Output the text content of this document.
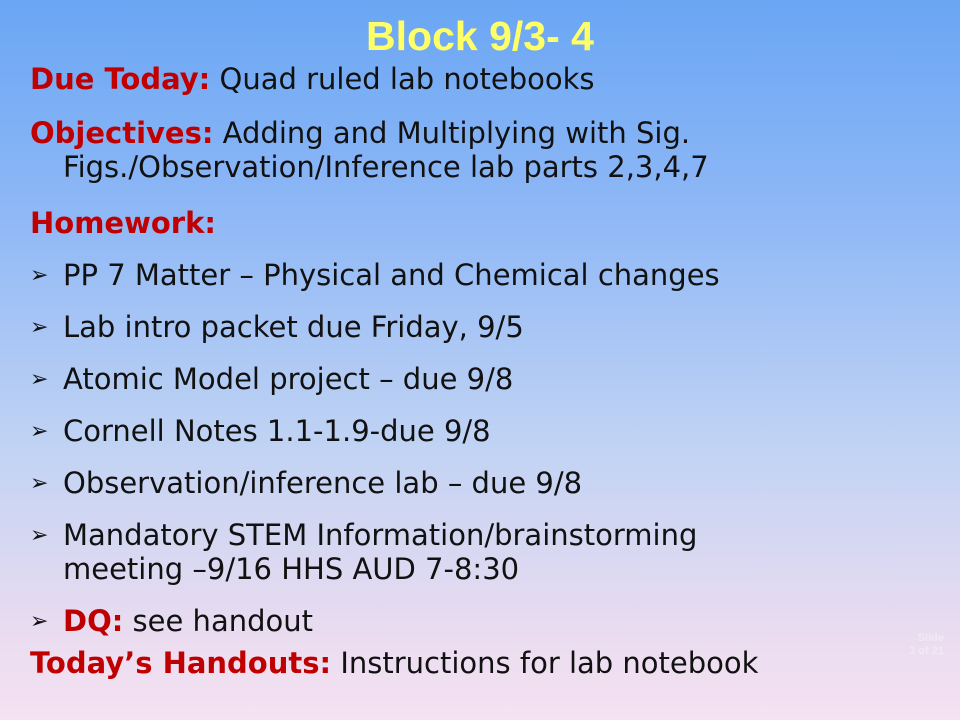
Block 9/3- 4
Due Today: Quad ruled lab notebooks
Objectives: Adding and Multiplying with Sig.
Figs./Observation/Inference lab parts 2,3,4,7
Homework:
➢ PP 7 Matter – Physical and Chemical changes
➢ Lab intro packet due Friday, 9/5
➢ Atomic Model project – due 9/8
➢ Cornell Notes 1.1-1.9-due 9/8
➢ Observation/inference lab – due 9/8
➢ Mandatory STEM Information/brainstorming
meeting –9/16 HHS AUD 7-8:30
➢ DQ: see handout
Today’s Handouts: Instructions for lab notebook
Slide
3 of 21
